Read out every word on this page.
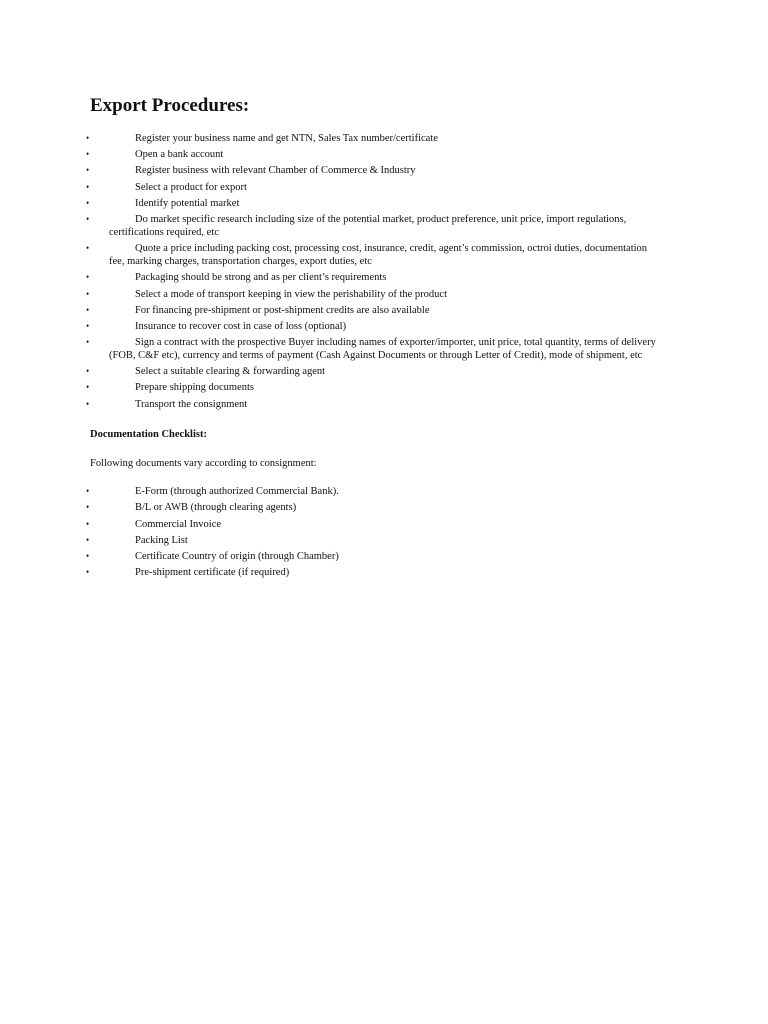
Export Procedures:
•	Register your business name and get NTN, Sales Tax number/certificate
•	Open a bank account
•	Register business with relevant Chamber of Commerce & Industry
•	Select a product for export
•	Identify potential market
•	Do market specific research including size of the potential market, product preference, unit price, import regulations, certifications required, etc
•	Quote a price including packing cost, processing cost, insurance, credit, agent’s commission, octroi duties, documentation fee, marking charges, transportation charges, export duties, etc
•	Packaging should be strong and as per client’s requirements
•	Select a mode of transport keeping in view the perishability of the product
•	For financing pre-shipment or post-shipment credits are also available
•	Insurance to recover cost in case of loss (optional)
•	Sign a contract with the prospective Buyer including names of exporter/importer, unit price, total quantity, terms of delivery (FOB, C&F etc), currency and terms of payment (Cash Against Documents or through Letter of Credit), mode of shipment, etc
•	Select a suitable clearing & forwarding agent
•	Prepare shipping documents
•	Transport the consignment

Documentation Checklist:

Following documents vary according to consignment:

•	E-Form (through authorized Commercial Bank).
•	B/L or AWB (through clearing agents)
•	Commercial Invoice
•	Packing List
•	Certificate Country of origin (through Chamber)
•	Pre-shipment certificate (if required)
